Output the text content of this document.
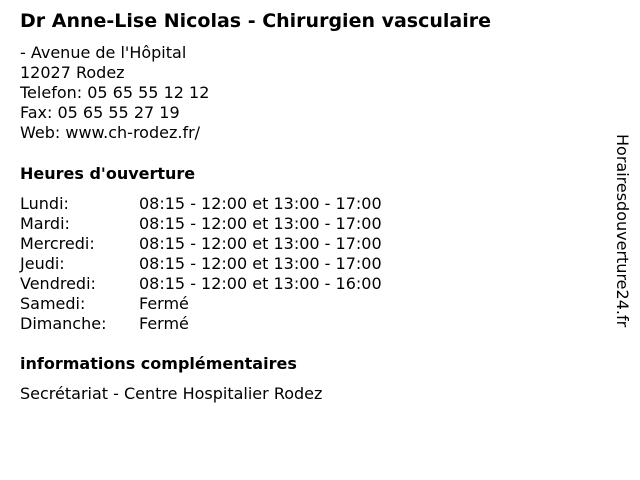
Dr Anne-Lise Nicolas - Chirurgien vasculaire
- Avenue de l'Hôpital
12027 Rodez
Telefon: 05 65 55 12 12
Fax: 05 65 55 27 19
Web: www.ch-rodez.fr/
Heures d'ouverture
Lundi:	08:15 - 12:00 et 13:00 - 17:00
Mardi:	08:15 - 12:00 et 13:00 - 17:00
Mercredi:	08:15 - 12:00 et 13:00 - 17:00
Jeudi:	08:15 - 12:00 et 13:00 - 17:00
Vendredi:	08:15 - 12:00 et 13:00 - 16:00
Samedi:	Fermé
Dimanche: Fermé
informations complémentaires
Secrétariat - Centre Hospitalier Rodez
Horairesdouverture24.fr
